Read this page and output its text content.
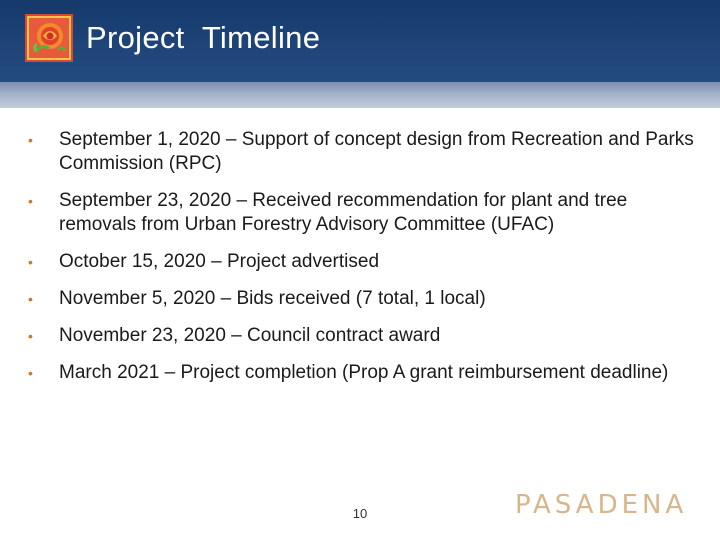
Project  Timeline
• September 1, 2020 – Support of concept design from Recreation and Parks Commission (RPC)
• September 23, 2020 – Received recommendation for plant and tree removals from Urban Forestry Advisory Committee (UFAC)
• October 15, 2020 – Project advertised
• November 5, 2020 – Bids received (7 total, 1 local)
• November 23, 2020 – Council contract award
• March 2021 – Project completion (Prop A grant reimbursement deadline)
10	PASADENA
